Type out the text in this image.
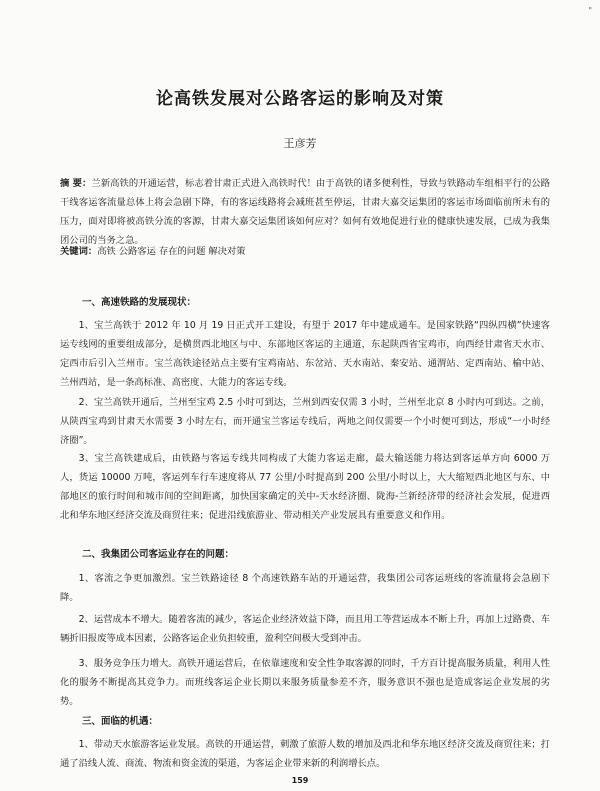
"
论高铁发展对公路客运的影响及对策
王彦芳
摘 要：兰新高铁的开通运营，标志着甘肃正式进入高铁时代！由于高铁的诸多便利性，导致与铁路动车组相平行的公路干线客运客流量总体上将会急剧下降，有的客运线路将会减班甚至停运，甘肃大嘉交运集团的客运市场面临前所未有的压力，面对即将被高铁分流的客源，甘肃大嘉交运集团该如何应对？如何有效地促进行业的健康快速发展，已成为我集团公司的当务之急。
关键词：高铁 公路客运 存在的问题 解决对策
一、高速铁路的发展现状：

1、宝兰高铁于 2012 年 10 月 19 日正式开工建设，有望于 2017 年中建成通车。是国家铁路“四纵四横”快速客运专线网的重要组成部分，是横贯西北地区与中、东部地区客运的主通道，东起陕西省宝鸡市，向西经甘肃省天水市、定西市后引入兰州市。宝兰高铁途径站点主要有宝鸡南站、东岔站、天水南站、秦安站、通渭站、定西南站、榆中站、兰州西站，是一条高标准、高密度、大能力的客运专线。

2、宝兰高铁开通后，兰州至宝鸡 2.5 小时可到达，兰州到西安仅需 3 小时，兰州至北京 8 小时内可到达。之前，从陕西宝鸡到甘肃天水需要 3 小时左右，而开通宝兰客运专线后，两地之间仅需要一个小时便可到达，形成“一小时经济圈”。

3、宝兰高铁建成后，由铁路与客运专线共同构成了大能力客运走廊，最大输送能力将达到客运单方向 6000 万人，货运 10000 万吨，客运列车行车速度将从 77 公里/小时提高到 200 公里/小时以上，大大缩短西北地区与东、中部地区的旅行时间和城市间的空间距离，加快国家确定的关中-天水经济圈、陇海-兰新经济带的经济社会发展，促进西北和华东地区经济交流及商贸往来；促进沿线旅游业、带动相关产业发展具有重要意义和作用。

二、我集团公司客运业存在的问题：

1、客流之争更加激烈。宝兰铁路途径 8 个高速铁路车站的开通运营，我集团公司客运班线的客流量将会急剧下降。

2、运营成本不增大。随着客流的减少，客运企业经济效益下降，而且用工等营运成本不断上升，再加上过路费、车辆折旧报废等成本因素，公路客运企业负担较重，盈利空间极大受到冲击。

3、服务竞争压力增大。高铁开通运营后，在依靠速度和安全性争取客源的同时，千方百计提高服务质量，利用人性化的服务不断提高其竞争力。而班线客运企业长期以来服务质量参差不齐，服务意识不强也是造成客运企业发展的劣势。

三、面临的机遇：

1、带动天水旅游客运业发展。高铁的开通运营，刺激了旅游人数的增加及西北和华东地区经济交流及商贸往来；打通了沿线人流、商流、物流和资金流的渠道，为客运企业带来新的利润增长点。

159
